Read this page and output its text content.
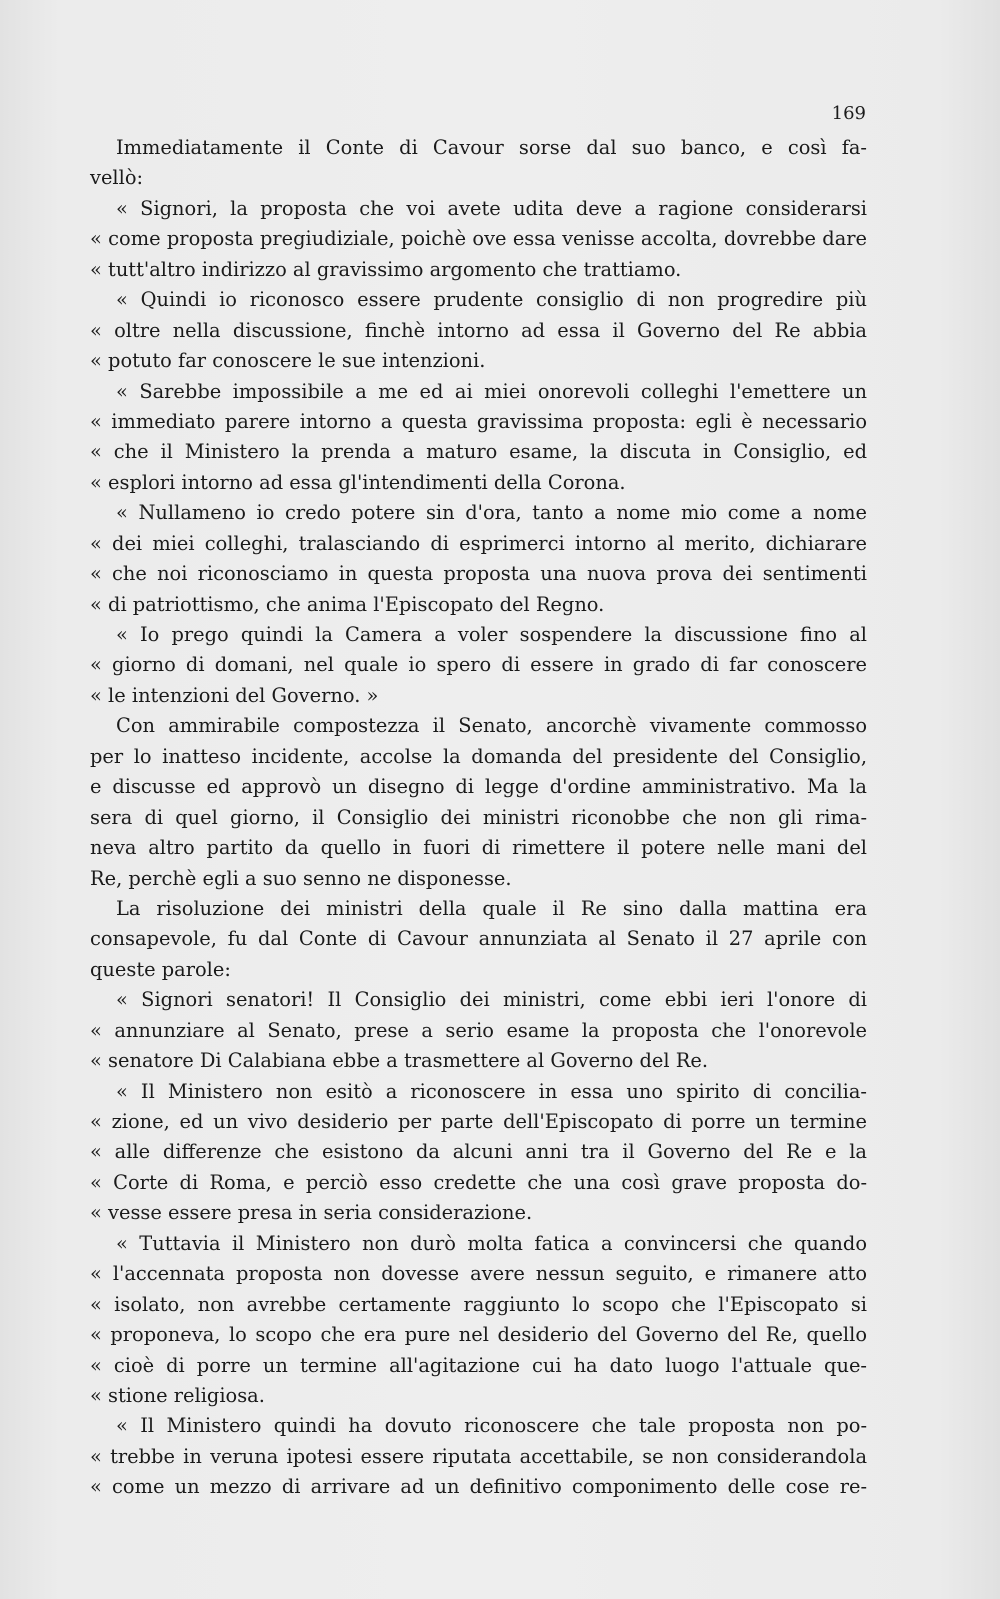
169

Immediatamente il Conte di Cavour sorse dal suo banco, e così fa-
vellò:
« Signori, la proposta che voi avete udita deve a ragione considerarsi
« come proposta pregiudiziale, poichè ove essa venisse accolta, dovrebbe dare
« tutt'altro indirizzo al gravissimo argomento che trattiamo.
« Quindi io riconosco essere prudente consiglio di non progredire più
« oltre nella discussione, finchè intorno ad essa il Governo del Re abbia
« potuto far conoscere le sue intenzioni.
« Sarebbe impossibile a me ed ai miei onorevoli colleghi l'emettere un
« immediato parere intorno a questa gravissima proposta: egli è necessario
« che il Ministero la prenda a maturo esame, la discuta in Consiglio, ed
« esplori intorno ad essa gl'intendimenti della Corona.
« Nullameno io credo potere sin d'ora, tanto a nome mio come a nome
« dei miei colleghi, tralasciando di esprimerci intorno al merito, dichiarare
« che noi riconosciamo in questa proposta una nuova prova dei sentimenti
« di patriottismo, che anima l'Episcopato del Regno.
« Io prego quindi la Camera a voler sospendere la discussione fino al
« giorno di domani, nel quale io spero di essere in grado di far conoscere
« le intenzioni del Governo. »
Con ammirabile compostezza il Senato, ancorchè vivamente commosso
per lo inatteso incidente, accolse la domanda del presidente del Consiglio,
e discusse ed approvò un disegno di legge d'ordine amministrativo. Ma la
sera di quel giorno, il Consiglio dei ministri riconobbe che non gli rima-
neva altro partito da quello in fuori di rimettere il potere nelle mani del
Re, perchè egli a suo senno ne disponesse.
La risoluzione dei ministri della quale il Re sino dalla mattina era
consapevole, fu dal Conte di Cavour annunziata al Senato il 27 aprile con
queste parole:
« Signori senatori! Il Consiglio dei ministri, come ebbi ieri l'onore di
« annunziare al Senato, prese a serio esame la proposta che l'onorevole
« senatore Di Calabiana ebbe a trasmettere al Governo del Re.
« Il Ministero non esitò a riconoscere in essa uno spirito di concilia-
« zione, ed un vivo desiderio per parte dell'Episcopato di porre un termine
« alle differenze che esistono da alcuni anni tra il Governo del Re e la
« Corte di Roma, e perciò esso credette che una così grave proposta do-
« vesse essere presa in seria considerazione.
« Tuttavia il Ministero non durò molta fatica a convincersi che quando
« l'accennata proposta non dovesse avere nessun seguito, e rimanere atto
« isolato, non avrebbe certamente raggiunto lo scopo che l'Episcopato si
« proponeva, lo scopo che era pure nel desiderio del Governo del Re, quello
« cioè di porre un termine all'agitazione cui ha dato luogo l'attuale que-
« stione religiosa.
« Il Ministero quindi ha dovuto riconoscere che tale proposta non po-
« trebbe in veruna ipotesi essere riputata accettabile, se non considerandola
« come un mezzo di arrivare ad un definitivo componimento delle cose re-
